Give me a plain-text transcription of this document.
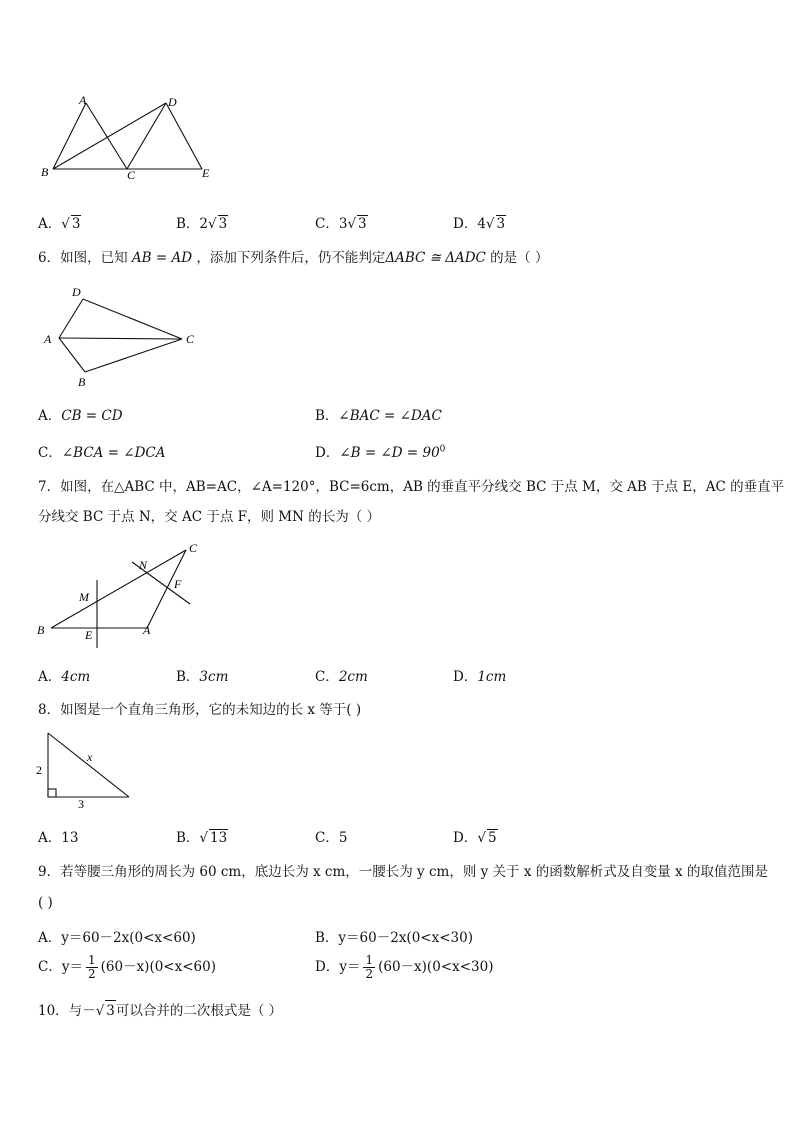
A	D
B	C	E
A．√ 3	B．2√ 3	C．3√ 3	D．4√ 3
6．如图，已知 AB = AD ，添加下列条件后，仍不能判定ΔABC ≅ ΔADC 的是（ ）
D
A	C
B
A．CB = CD	B．∠BAC = ∠DAC
C．∠BCA = ∠DCA	D．∠B = ∠D = $90^0$
7．如图，在△ABC 中，AB=AC，∠A=120°，BC=6cm，AB 的垂直平分线交 BC 于点 M，交 AB 于点 E，AC 的垂直平
分线交 BC 于点 N，交 AC 于点 F，则 MN 的长为（ ）
C
N
F
M
B	E	A
A．4cm	B．3cm	C．2cm	D．1cm
8．如图是一个直角三角形，它的未知边的长 x 等于( )
2
x
3
A．13	B．√ 13	C．5	D．√ 5
9．若等腰三角形的周长为 60 cm，底边长为 x cm，一腰长为 y cm，则 y 关于 x 的函数解析式及自变量 x 的取值范围是
( )
A．y＝60－2x(0<x<60)	B．y＝60－2x(0<x<30)
C．$y= \frac{1}{2} (60-x)(0<x<60)$	D．$y= \frac{1}{2} (60-x)(0<x<30)$
10．与－√ 3可以合并的二次根式是（ ）
